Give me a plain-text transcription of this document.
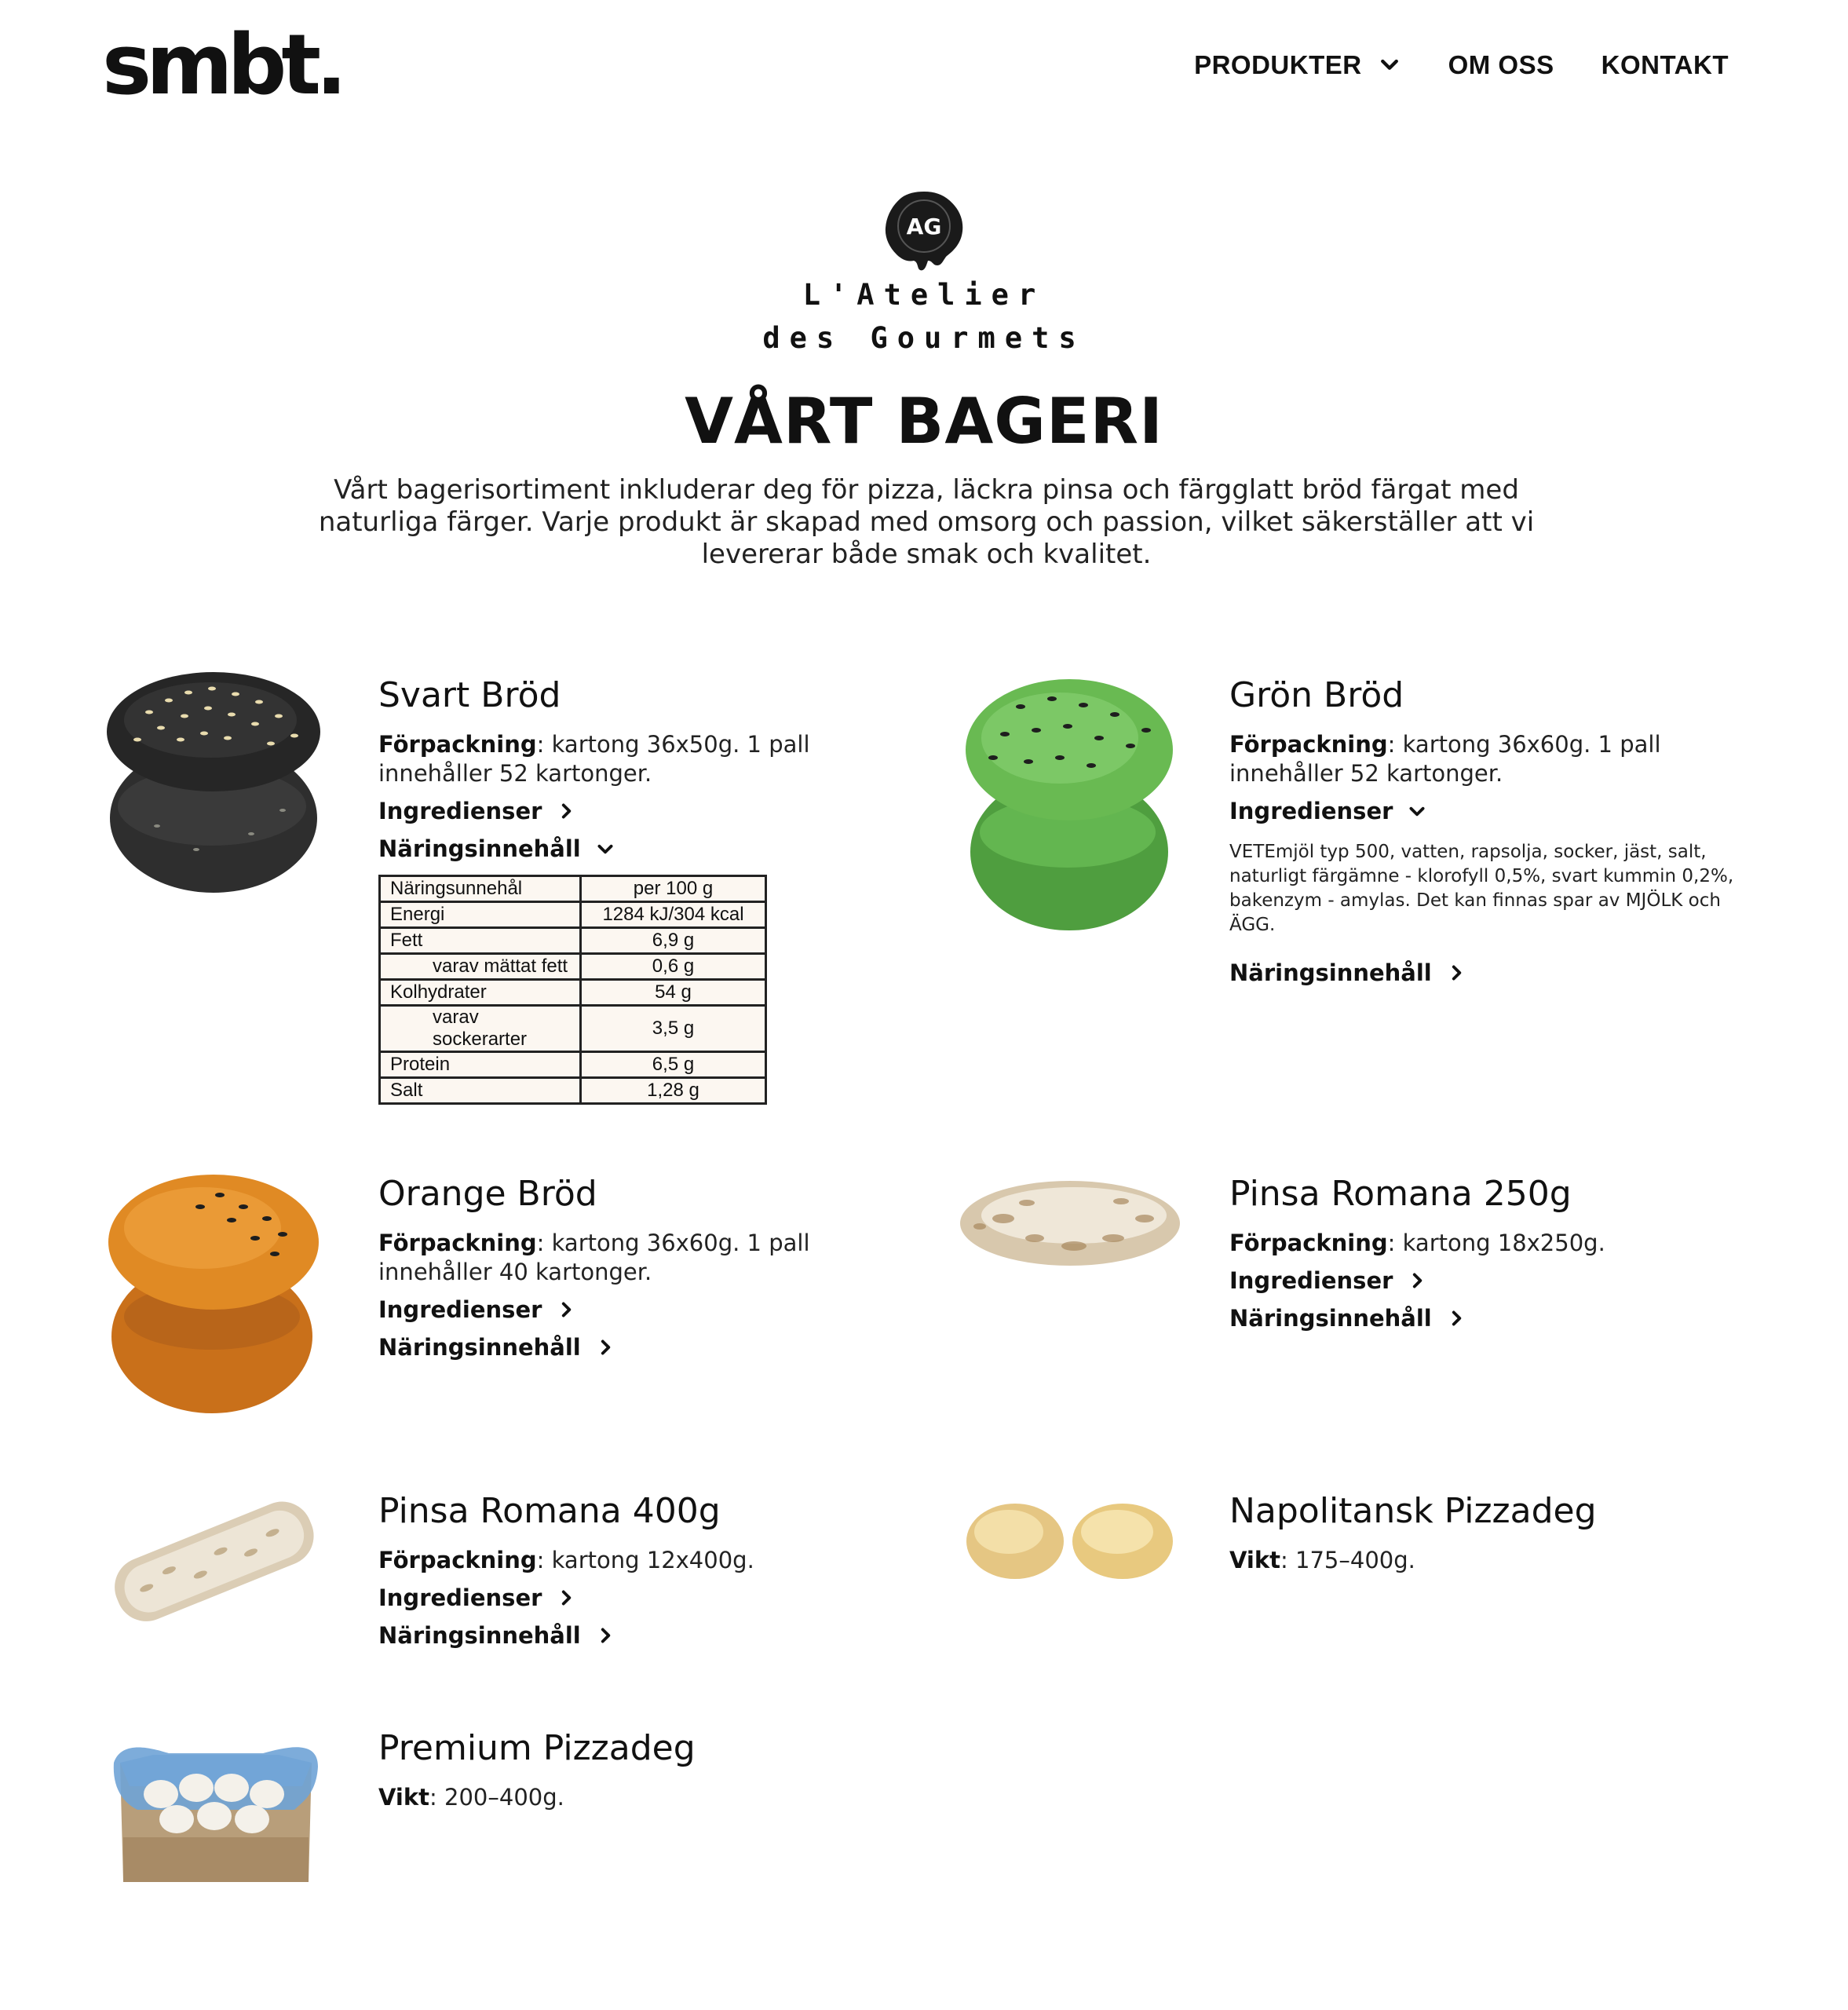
smbt.	PRODUKTER	OM OSS KONTAKT
AG
L'Atelier
des Gourmets
VÅRT BAGERI

Vårt bagerisortiment inkluderar deg för pizza, läckra pinsa och färgglatt bröd färgat med naturliga färger. Varje produkt är skapad med omsorg och passion, vilket säkerställer att vi levererar både smak och kvalitet.

Svart Bröd
Förpackning: kartong 36x50g. 1 pall innehåller 52 kartonger.
Ingredienser
Näringsinnehåll
Näringsunnehål	per 100 g
Energi	1284 kJ/304 kcal
Fett	6,9 g
varav mättat fett	0,6 g
Kolhydrater	54 g
varav sockerarter	3,5 g
Protein	6,5 g
Salt	1,28 g
Grön Bröd
Förpackning: kartong 36x60g. 1 pall innehåller 52 kartonger.
Ingredienser

VETEmjöl typ 500, vatten, rapsolja, socker, jäst, salt, naturligt färgämne - klorofyll 0,5%, svart kummin 0,2%, bakenzym - amylas. Det kan finnas spar av MJÖLK och ÄGG.

Näringsinnehåll
Orange Bröd
Förpackning: kartong 36x60g. 1 pall innehåller 40 kartonger.
Ingredienser
Näringsinnehåll
Pinsa Romana 250g
Förpackning: kartong 18x250g.
Ingredienser
Näringsinnehåll
Pinsa Romana 400g
Förpackning: kartong 12x400g.
Ingredienser
Näringsinnehåll
Napolitansk Pizzadeg
Vikt: 175–400g.
Premium Pizzadeg
Vikt: 200–400g.
